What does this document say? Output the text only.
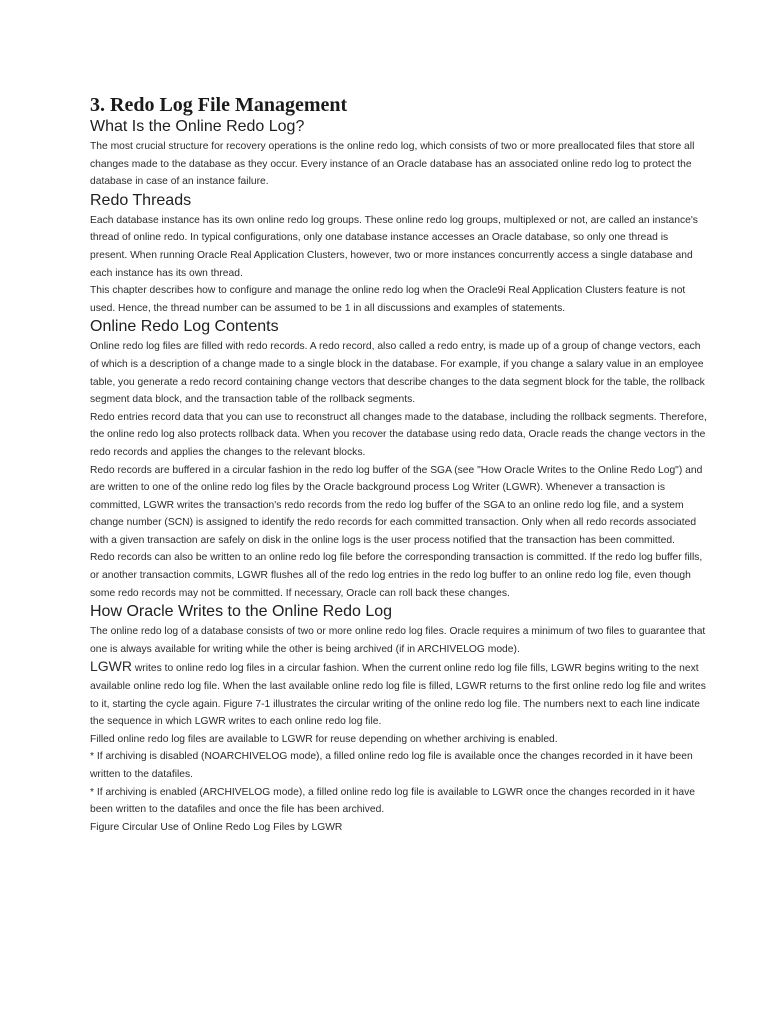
3. Redo Log File Management
What Is the Online Redo Log?

The most crucial structure for recovery operations is the online redo log, which consists of two or more preallocated files that store all changes made to the database as they occur. Every instance of an Oracle database has an associated online redo log to protect the database in case of an instance failure.

Redo Threads

Each database instance has its own online redo log groups. These online redo log groups, multiplexed or not, are called an instance's thread of online redo. In typical configurations, only one database instance accesses an Oracle database, so only one thread is present. When running Oracle Real Application Clusters, however, two or more instances concurrently access a single database and each instance has its own thread.

This chapter describes how to configure and manage the online redo log when the Oracle9i Real Application Clusters feature is not used. Hence, the thread number can be assumed to be 1 in all discussions and examples of statements.

Online Redo Log Contents

Online redo log files are filled with redo records. A redo record, also called a redo entry, is made up of a group of change vectors, each of which is a description of a change made to a single block in the database. For example, if you change a salary value in an employee table, you generate a redo record containing change vectors that describe changes to the data segment block for the table, the rollback segment data block, and the transaction table of the rollback segments.

Redo entries record data that you can use to reconstruct all changes made to the database, including the rollback segments. Therefore, the online redo log also protects rollback data. When you recover the database using redo data, Oracle reads the change vectors in the redo records and applies the changes to the relevant blocks.

Redo records are buffered in a circular fashion in the redo log buffer of the SGA (see "How Oracle Writes to the Online Redo Log") and are written to one of the online redo log files by the Oracle background process Log Writer (LGWR). Whenever a transaction is committed, LGWR writes the transaction's redo records from the redo log buffer of the SGA to an online redo log file, and a system change number (SCN) is assigned to identify the redo records for each committed transaction. Only when all redo records associated with a given transaction are safely on disk in the online logs is the user process notified that the transaction has been committed.

Redo records can also be written to an online redo log file before the corresponding transaction is committed. If the redo log buffer fills, or another transaction commits, LGWR flushes all of the redo log entries in the redo log buffer to an online redo log file, even though some redo records may not be committed. If necessary, Oracle can roll back these changes.

How Oracle Writes to the Online Redo Log

The online redo log of a database consists of two or more online redo log files. Oracle requires a minimum of two files to guarantee that one is always available for writing while the other is being archived (if in ARCHIVELOG mode).

LGWR writes to online redo log files in a circular fashion. When the current online redo log file fills, LGWR begins writing to the next available online redo log file. When the last available online redo log file is filled, LGWR returns to the first online redo log file and writes to it, starting the cycle again. Figure 7-1 illustrates the circular writing of the online redo log file. The numbers next to each line indicate the sequence in which LGWR writes to each online redo log file.

Filled online redo log files are available to LGWR for reuse depending on whether archiving is enabled.

* If archiving is disabled (NOARCHIVELOG mode), a filled online redo log file is available once the changes recorded in it have been written to the datafiles.

* If archiving is enabled (ARCHIVELOG mode), a filled online redo log file is available to LGWR once the changes recorded in it have been written to the datafiles and once the file has been archived.

Figure Circular Use of Online Redo Log Files by LGWR
